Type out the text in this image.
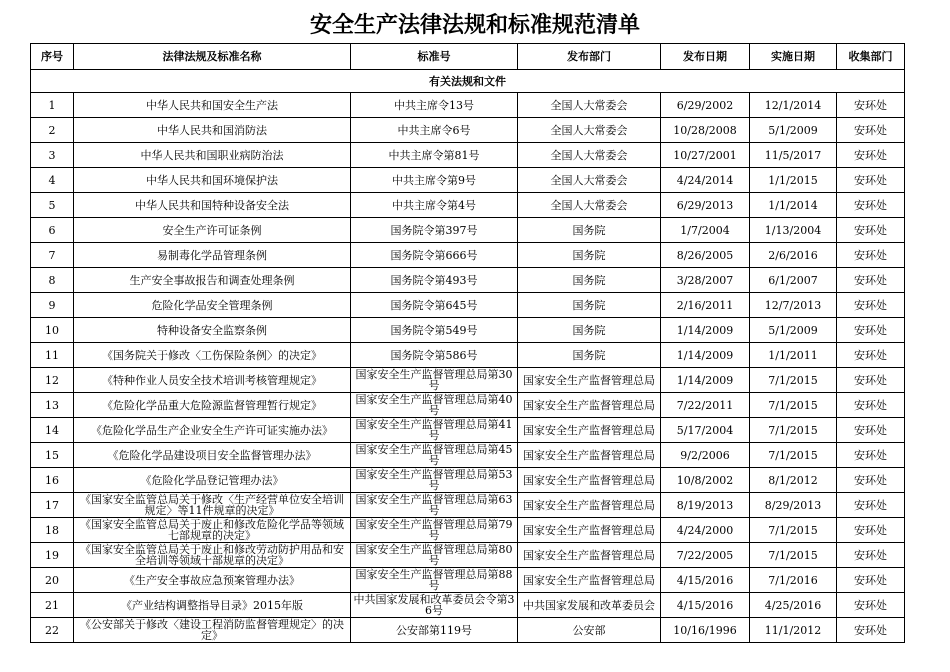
安全生产法律法规和标准规范清单
序号	法律法规及标准名称	标准号	发布部门	发布日期	实施日期	收集部门
有关法规和文件						
1	中华人民共和国安全生产法	中共主席令13号	全国人大常委会	6/29/2002	12/1/2014	安环处
2	中华人民共和国消防法	中共主席令6号	全国人大常委会	10/28/2008	5/1/2009	安环处
3	中华人民共和国职业病防治法	中共主席令第81号	全国人大常委会	10/27/2001	11/5/2017	安环处
4	中华人民共和国环境保护法	中共主席令第9号	全国人大常委会	4/24/2014	1/1/2015	安环处
5	中华人民共和国特种设备安全法	中共主席令第4号	全国人大常委会	6/29/2013	1/1/2014	安环处
6	安全生产许可证条例	国务院令第397号	国务院	1/7/2004	1/13/2004	安环处
7	易制毒化学品管理条例	国务院令第666号	国务院	8/26/2005	2/6/2016	安环处
8	生产安全事故报告和调查处理条例	国务院令第493号	国务院	3/28/2007	6/1/2007	安环处
9	危险化学品安全管理条例	国务院令第645号	国务院	2/16/2011	12/7/2013	安环处
10	特种设备安全监察条例	国务院令第549号	国务院	1/14/2009	5/1/2009	安环处
11	《国务院关于修改〈工伤保险条例〉的决定》	国务院令第586号	国务院	1/14/2009	1/1/2011	安环处
12	《特种作业人员安全技术培训考核管理规定》	国家安全生产监督管理总局第30号	国家安全生产监督管理总局	1/14/2009	7/1/2015	安环处
13	《危险化学品重大危险源监督管理暂行规定》	国家安全生产监督管理总局第40号	国家安全生产监督管理总局	7/22/2011	7/1/2015	安环处
14	《危险化学品生产企业安全生产许可证实施办法》	国家安全生产监督管理总局第41号	国家安全生产监督管理总局	5/17/2004	7/1/2015	安环处
15	《危险化学品建设项目安全监督管理办法》	国家安全生产监督管理总局第45号	国家安全生产监督管理总局	9/2/2006	7/1/2015	安环处
16	《危险化学品登记管理办法》	国家安全生产监督管理总局第53号	国家安全生产监督管理总局	10/8/2002	8/1/2012	安环处
17	《国家安全监管总局关于修改〈生产经营单位安全培训规定〉等11件规章的决定》	国家安全生产监督管理总局第63号	国家安全生产监督管理总局	8/19/2013	8/29/2013	安环处
18	《国家安全监管总局关于废止和修改危险化学品等领域七部规章的决定》	国家安全生产监督管理总局第79号	国家安全生产监督管理总局	4/24/2000	7/1/2015	安环处
19	《国家安全监管总局关于废止和修改劳动防护用品和安全培训等领域十部规章的决定》	国家安全生产监督管理总局第80号	国家安全生产监督管理总局	7/22/2005	7/1/2015	安环处
20	《生产安全事故应急预案管理办法》	国家安全生产监督管理总局第88号	国家安全生产监督管理总局	4/15/2016	7/1/2016	安环处
21	《产业结构调整指导目录》2015年版	中共国家发展和改革委员会令第36号	中共国家发展和改革委员会	4/15/2016	4/25/2016	安环处
22	《公安部关于修改〈建设工程消防监督管理规定〉的决定》	公安部第119号	公安部	10/16/1996	11/1/2012	安环处
